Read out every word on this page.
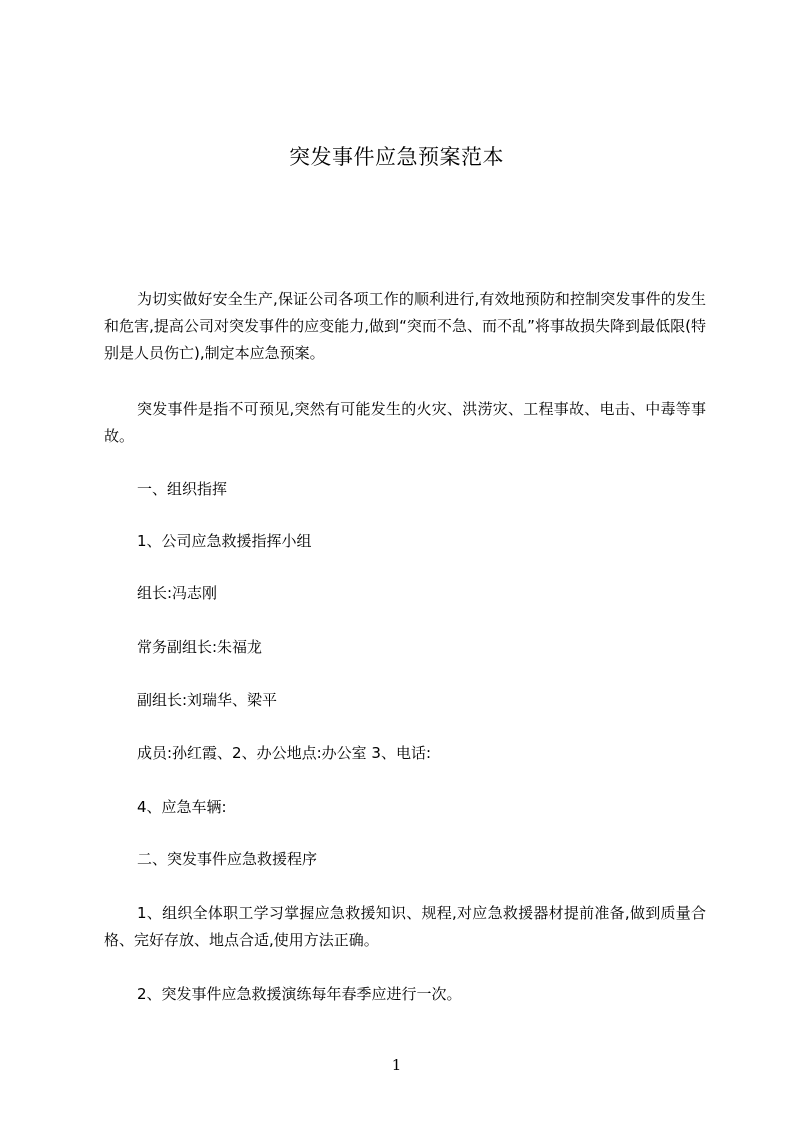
突发事件应急预案范本
为切实做好安全生产,保证公司各项工作的顺利进行,有效地预防和控制突发事件的发生和危害,提高公司对突发事件的应变能力,做到“突而不急、而不乱”将事故损失降到最低限(特别是人员伤亡),制定本应急预案。
突发事件是指不可预见,突然有可能发生的火灾、洪涝灾、工程事故、电击、中毒等事故。
一、组织指挥
1、公司应急救援指挥小组
组长:冯志刚
常务副组长:朱福龙
副组长:刘瑞华、梁平
成员:孙红霞、2、办公地点:办公室 3、电话:
4、应急车辆:
二、突发事件应急救援程序
1、组织全体职工学习掌握应急救援知识、规程,对应急救援器材提前准备,做到质量合格、完好存放、地点合适,使用方法正确。
2、突发事件应急救援演练每年春季应进行一次。
1
